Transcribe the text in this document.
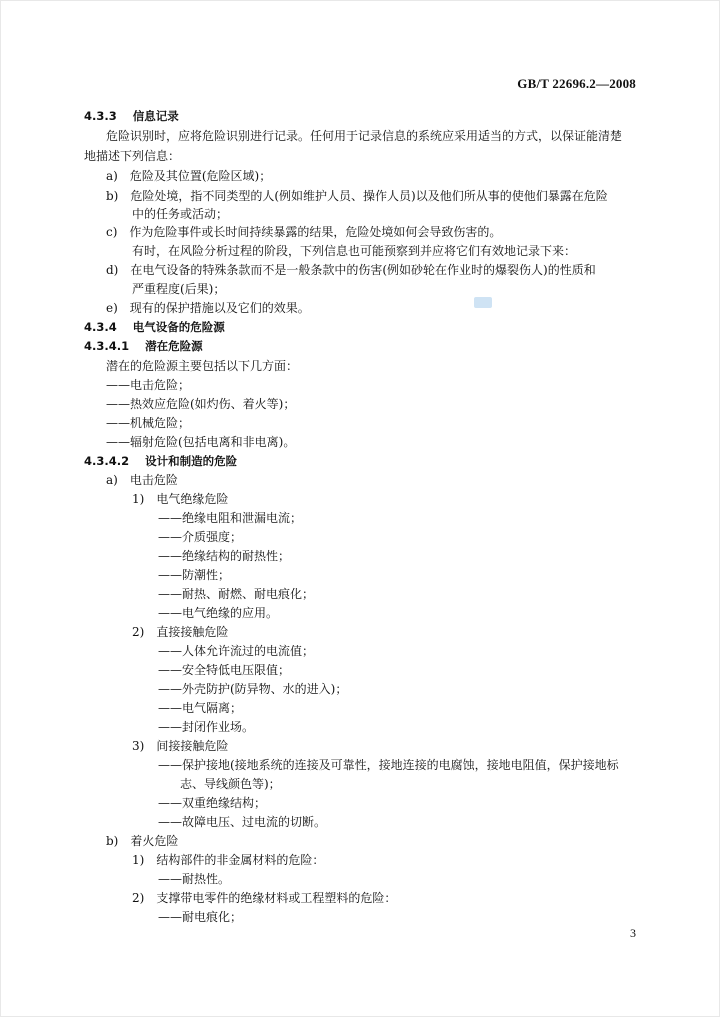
GB/T 22696.2—2008
4.3.3 信息记录
危险识别时，应将危险识别进行记录。任何用于记录信息的系统应采用适当的方式，以保证能清楚
地描述下列信息：
a) 危险及其位置(危险区域)；
b) 危险处境，指不同类型的人(例如维护人员、操作人员)以及他们所从事的使他们暴露在危险
中的任务或活动；
c) 作为危险事件或长时间持续暴露的结果，危险处境如何会导致伤害的。
有时，在风险分析过程的阶段，下列信息也可能预察到并应将它们有效地记录下来：
d) 在电气设备的特殊条款而不是一般条款中的伤害(例如砂轮在作业时的爆裂伤人)的性质和
严重程度(后果)；
e) 现有的保护措施以及它们的效果。
4.3.4 电气设备的危险源
4.3.4.1 潜在危险源
潜在的危险源主要包括以下几方面：
——电击危险；
——热效应危险(如灼伤、着火等)；
——机械危险；
——辐射危险(包括电离和非电离)。
4.3.4.2 设计和制造的危险
a) 电击危险
1) 电气绝缘危险
——绝缘电阻和泄漏电流；
——介质强度；
——绝缘结构的耐热性；
——防潮性；
——耐热、耐燃、耐电痕化；
——电气绝缘的应用。
2) 直接接触危险
——人体允许流过的电流值；
——安全特低电压限值；
——外壳防护(防异物、水的进入)；
——电气隔离；
——封闭作业场。
3) 间接接触危险
——保护接地(接地系统的连接及可靠性，接地连接的电腐蚀，接地电阻值，保护接地标
志、导线颜色等)；
——双重绝缘结构；
——故障电压、过电流的切断。
b) 着火危险
1) 结构部件的非金属材料的危险：
——耐热性。
2) 支撑带电零件的绝缘材料或工程塑料的危险：
——耐电痕化；
3
